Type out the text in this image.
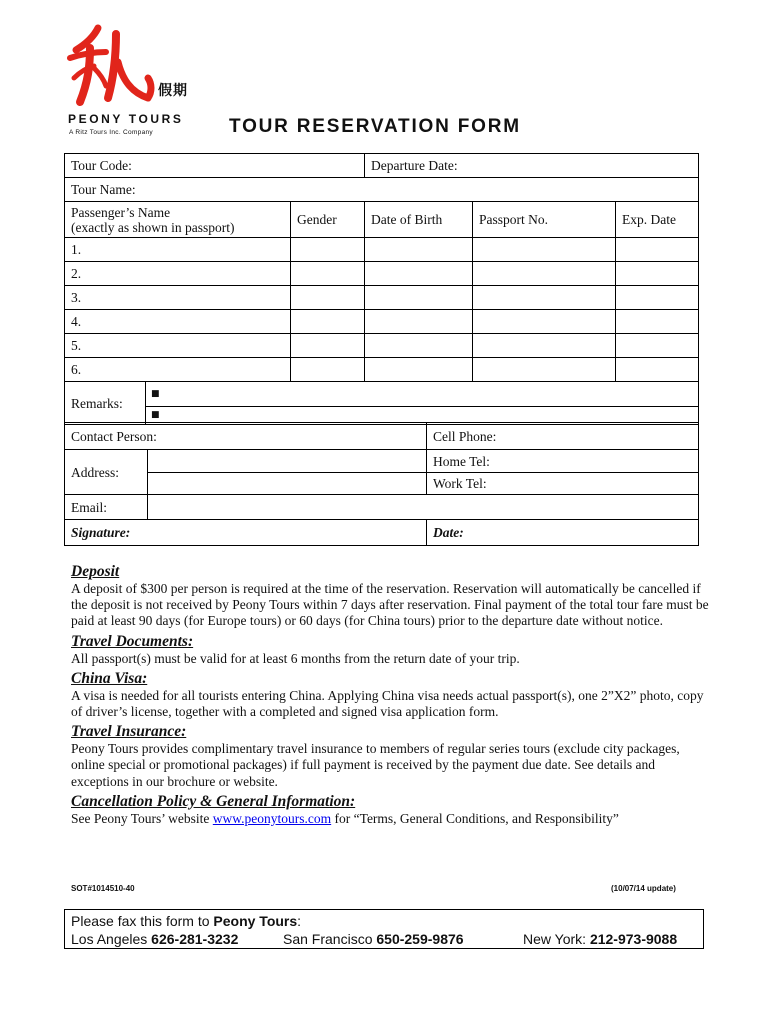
假期
PEONY TOURS
A Ritz Tours Inc. Company	TOUR RESERVATION FORM
Tour Code:			Departure Date:		
Tour Name:					

Passenger’s Name
(exactly as shown in passport)		Gender	Date of Birth	Passport No.	Exp. Date
1.					
2.					
3.					
4.					
5.					
6.					
Remarks:	■				
	■				
Contact Person:		Cell Phone:
Address:		Home Tel:
		Work Tel:
Email:		
Signature:		Date:
Deposit

A deposit of $300 per person is required at the time of the reservation. Reservation will automatically be cancelled if the deposit is not received by Peony Tours within 7 days after reservation. Final payment of the total tour fare must be paid at least 90 days (for Europe tours) or 60 days (for China tours) prior to the departure date without notice.

Travel Documents:

All passport(s) must be valid for at least 6 months from the return date of your trip.

China Visa:

A visa is needed for all tourists entering China. Applying China visa needs actual passport(s), one 2”X2” photo, copy of driver’s license, together with a completed and signed visa application form.

Travel Insurance:

Peony Tours provides complimentary travel insurance to members of regular series tours (exclude city packages, online special or promotional packages) if full payment is received by the payment due date. See details and exceptions in our brochure or website.

Cancellation Policy & General Information:

See Peony Tours’ website www.peonytours.com for “Terms, General Conditions, and Responsibility”

SOT#1014510-40	(10/07/14 update)
Please fax this form to Peony Tours:
Los Angeles 626-281-3232	San Francisco 650-259-9876	New York: 212-973-9088
